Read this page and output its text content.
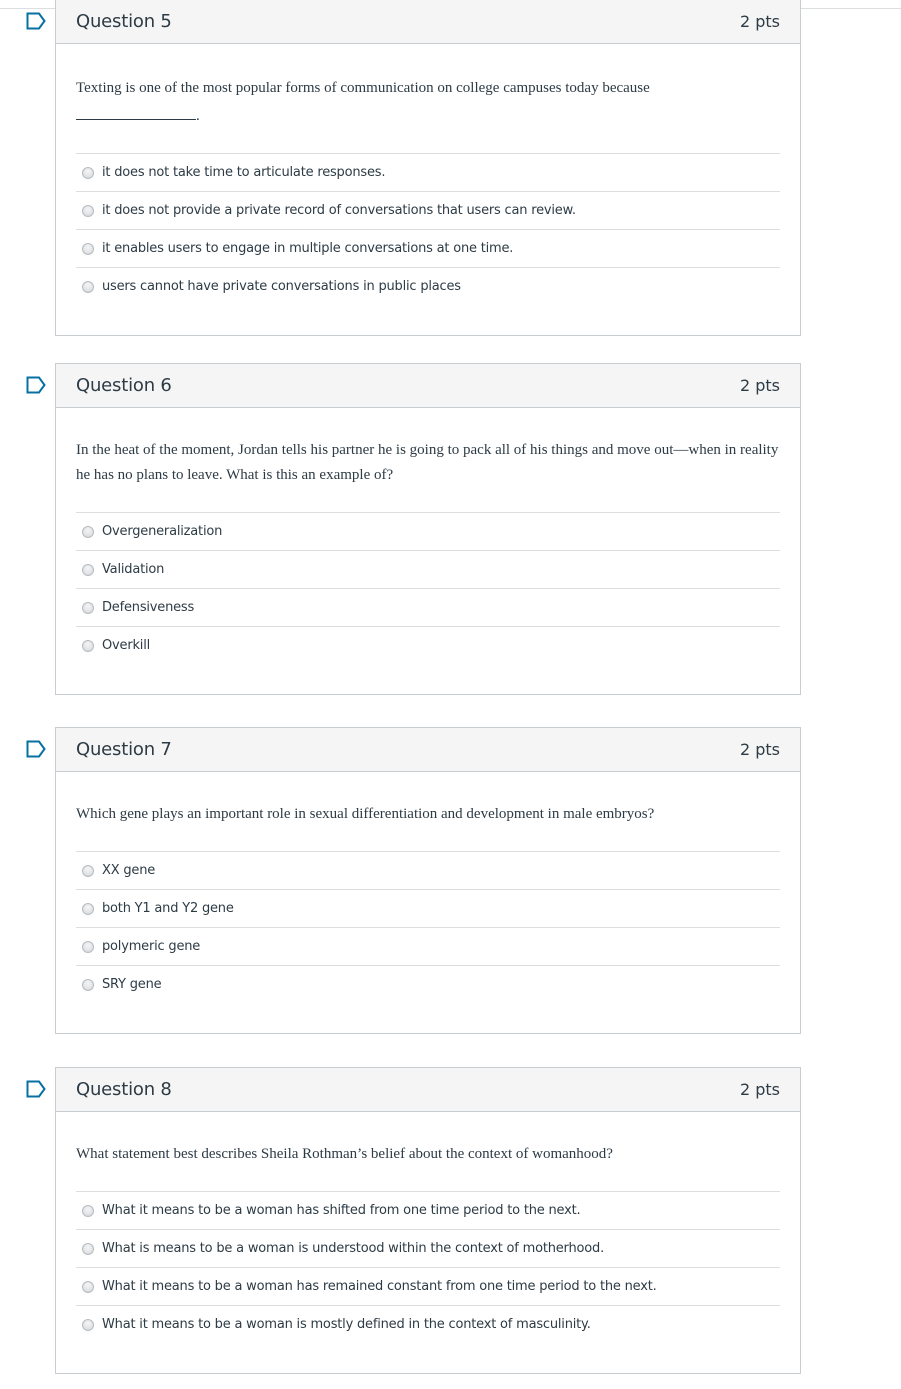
Question 5	2 pts

Texting is one of the most popular forms of communication on college campuses today because
.

it does not take time to articulate responses.
it does not provide a private record of conversations that users can review.
it enables users to engage in multiple conversations at one time.
users cannot have private conversations in public places
Question 6	2 pts

In the heat of the moment, Jordan tells his partner he is going to pack all of his things and move out—when in reality he has no plans to leave. What is this an example of?

Overgeneralization
Validation
Defensiveness
Overkill
Question 7	2 pts

Which gene plays an important role in sexual differentiation and development in male embryos?

XX gene
both Y1 and Y2 gene
polymeric gene
SRY gene
Question 8	2 pts

What statement best describes Sheila Rothman’s belief about the context of womanhood?

What it means to be a woman has shifted from one time period to the next.
What is means to be a woman is understood within the context of motherhood.
What it means to be a woman has remained constant from one time period to the next.
What it means to be a woman is mostly defined in the context of masculinity.
